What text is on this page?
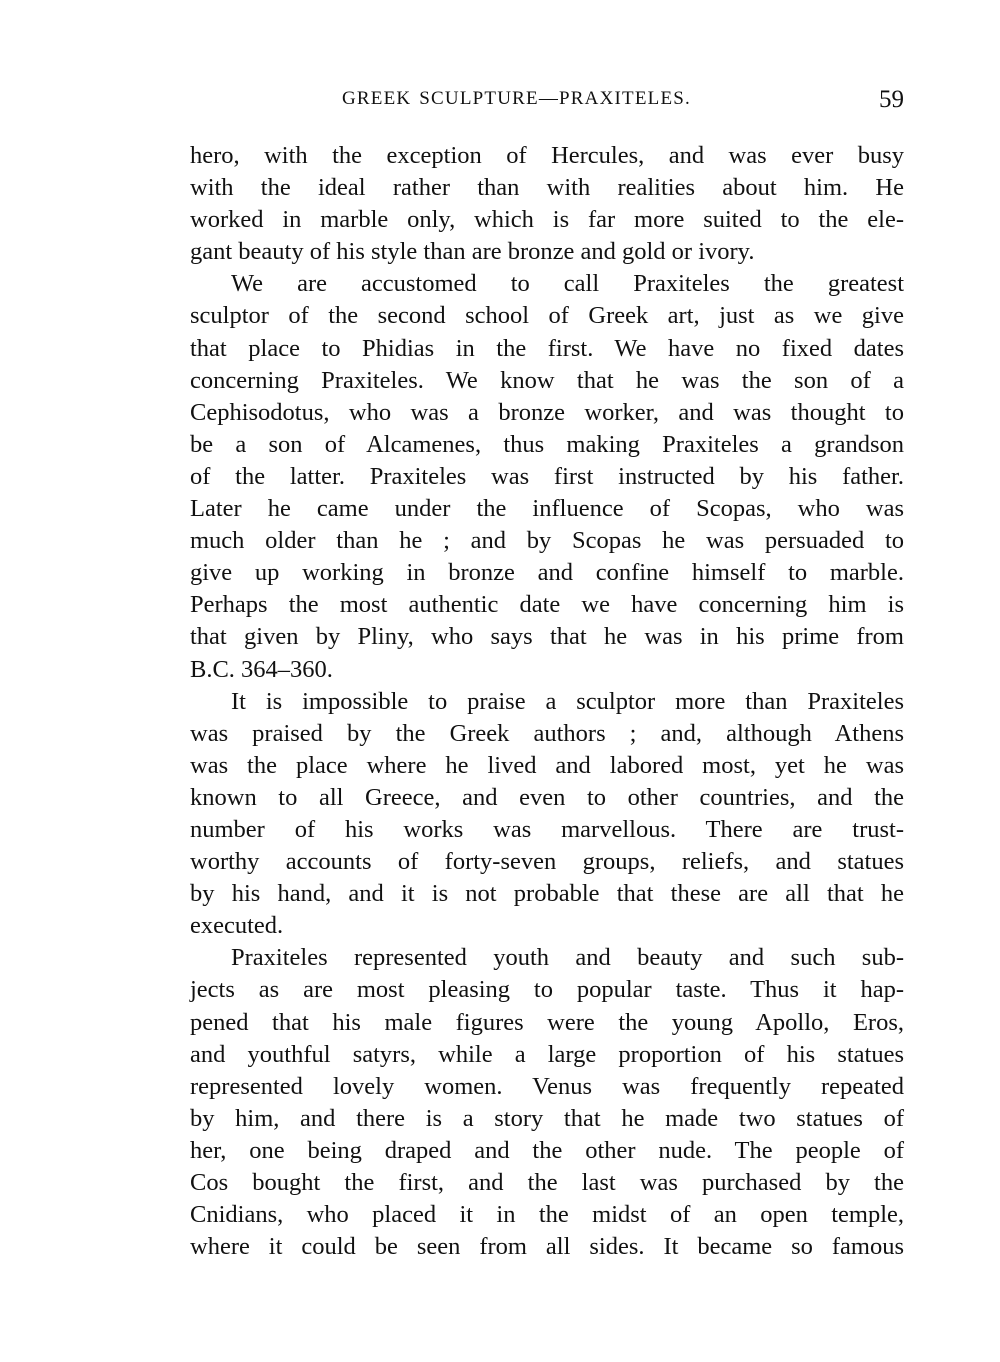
GREEK SCULPTURE—PRAXITELES.	59
hero, with the exception of Hercules, and was ever busy
with the ideal rather than with realities about him. He
worked in marble only, which is far more suited to the ele-
gant beauty of his style than are bronze and gold or ivory.
We are accustomed to call Praxiteles the greatest
sculptor of the second school of Greek art, just as we give
that place to Phidias in the first. We have no fixed dates
concerning Praxiteles. We know that he was the son of a
Cephisodotus, who was a bronze worker, and was thought to
be a son of Alcamenes, thus making Praxiteles a grandson
of the latter. Praxiteles was first instructed by his father.
Later he came under the influence of Scopas, who was
much older than he ; and by Scopas he was persuaded to
give up working in bronze and confine himself to marble.
Perhaps the most authentic date we have concerning him is
that given by Pliny, who says that he was in his prime from
B.C. 364–360.
It is impossible to praise a sculptor more than Praxiteles
was praised by the Greek authors ; and, although Athens
was the place where he lived and labored most, yet he was
known to all Greece, and even to other countries, and the
number of his works was marvellous. There are trust-
worthy accounts of forty-seven groups, reliefs, and statues
by his hand, and it is not probable that these are all that he
executed.
Praxiteles represented youth and beauty and such sub-
jects as are most pleasing to popular taste. Thus it hap-
pened that his male figures were the young Apollo, Eros,
and youthful satyrs, while a large proportion of his statues
represented lovely women. Venus was frequently repeated
by him, and there is a story that he made two statues of
her, one being draped and the other nude. The people of
Cos bought the first, and the last was purchased by the
Cnidians, who placed it in the midst of an open temple,
where it could be seen from all sides. It became so famous
